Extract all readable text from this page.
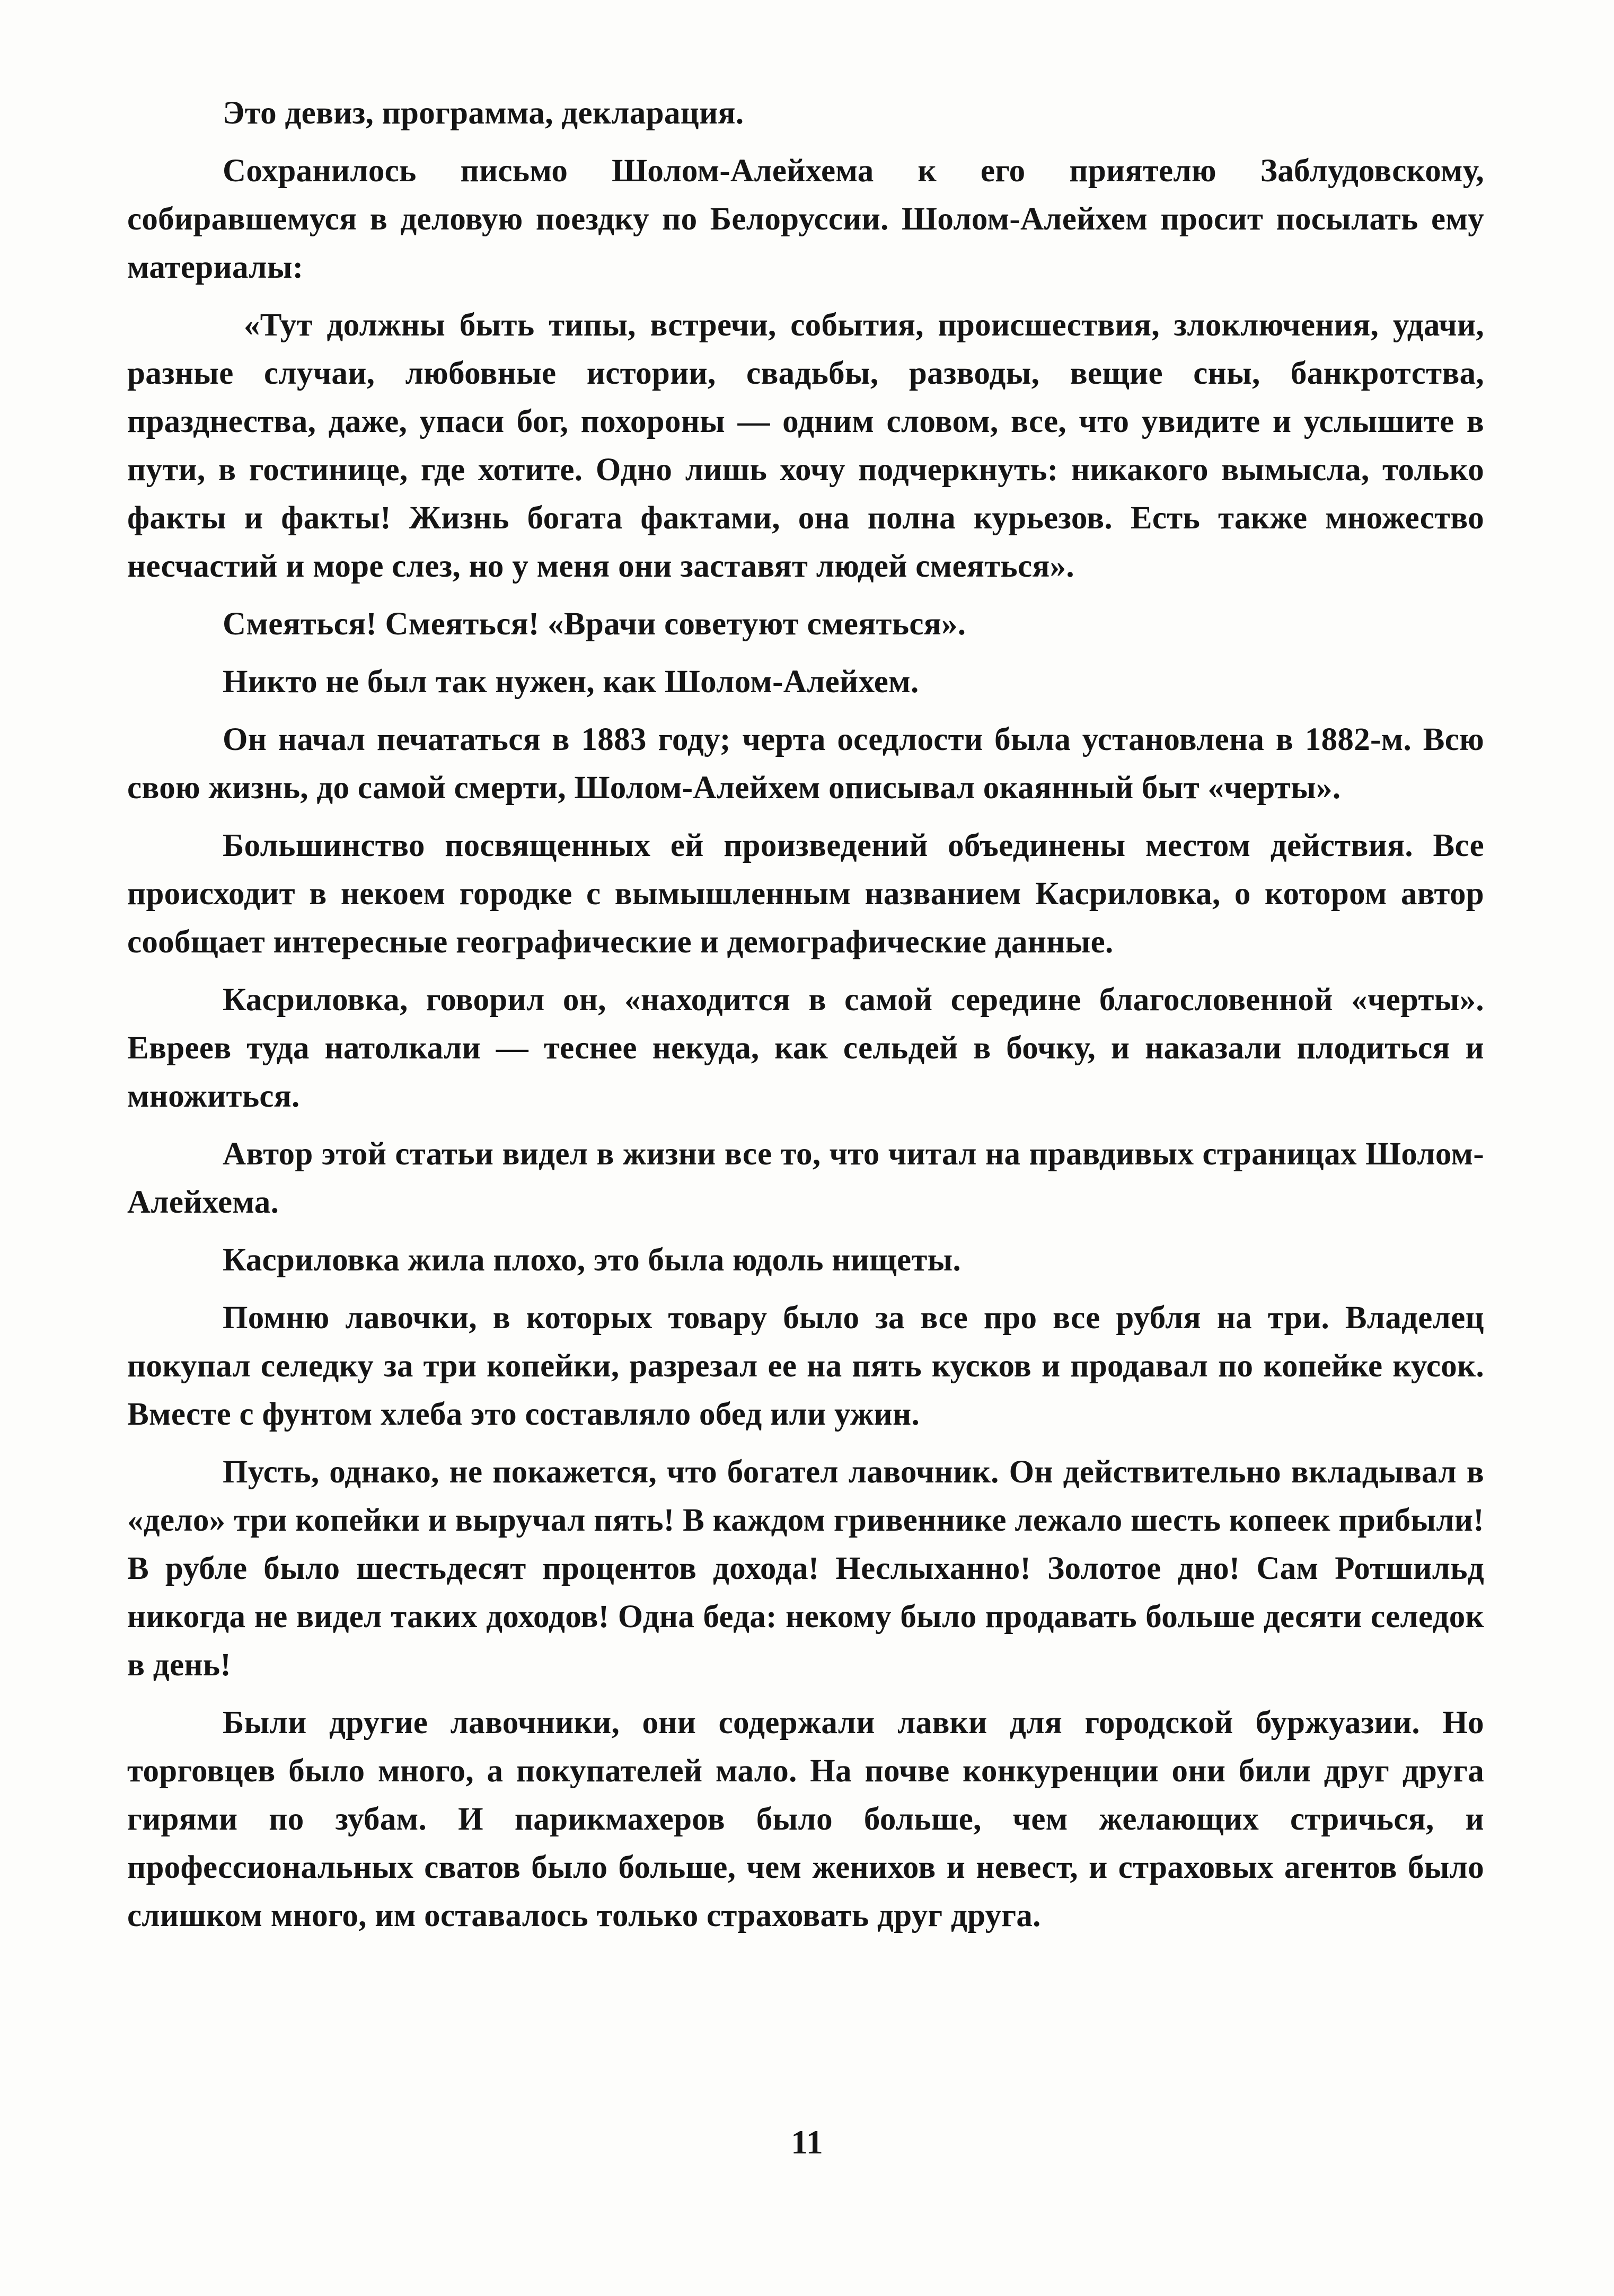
Это девиз, программа, декларация.

Сохранилось письмо Шолом-Алейхема к его приятелю Заблудовскому, собиравшемуся в деловую поездку по Белоруссии. Шолом-Алейхем просит посылать ему материалы:

«Тут должны быть типы, встречи, события, происшествия, злоключения, удачи, разные случаи, любовные истории, свадьбы, разводы, вещие сны, банкротства, празднества, даже, упаси бог, похороны — одним словом, все, что увидите и услышите в пути, в гостинице, где хотите. Одно лишь хочу подчеркнуть: никакого вымысла, только факты и факты! Жизнь богата фактами, она полна курьезов. Есть также множество несчастий и море слез, но у меня они заставят людей смеяться».

Смеяться! Смеяться! «Врачи советуют смеяться».

Никто не был так нужен, как Шолом-Алейхем.

Он начал печататься в 1883 году; черта оседлости была установлена в 1882-м. Всю свою жизнь, до самой смерти, Шолом-Алейхем описывал окаянный быт «черты».

Большинство посвященных ей произведений объединены местом действия. Все происходит в некоем городке с вымышленным названием Касриловка, о котором автор сообщает интересные географические и демографические данные.

Касриловка, говорил он, «находится в самой середине благословенной «черты». Евреев туда натолкали — теснее некуда, как сельдей в бочку, и наказали плодиться и множиться.

Автор этой статьи видел в жизни все то, что читал на правдивых страницах Шолом-Алейхема.

Касриловка жила плохо, это была юдоль нищеты.

Помню лавочки, в которых товару было за все про все рубля на три. Владелец покупал селедку за три копейки, разрезал ее на пять кусков и продавал по копейке кусок. Вместе с фунтом хлеба это составляло обед или ужин.

Пусть, однако, не покажется, что богател лавочник. Он действительно вкладывал в «дело» три копейки и выручал пять! В каждом гривеннике лежало шесть копеек прибыли! В рубле было шестьдесят процентов дохода! Неслыханно! Золотое дно! Сам Ротшильд никогда не видел таких доходов! Одна беда: некому было продавать больше десяти селедок в день!

Были другие лавочники, они содержали лавки для городской буржуазии. Но торговцев было много, а покупателей мало. На почве конкуренции они били друг друга гирями по зубам. И парикмахеров было больше, чем желающих стричься, и профессиональных сватов было больше, чем женихов и невест, и страховых агентов было слишком много, им оставалось только страховать друг друга.

11
